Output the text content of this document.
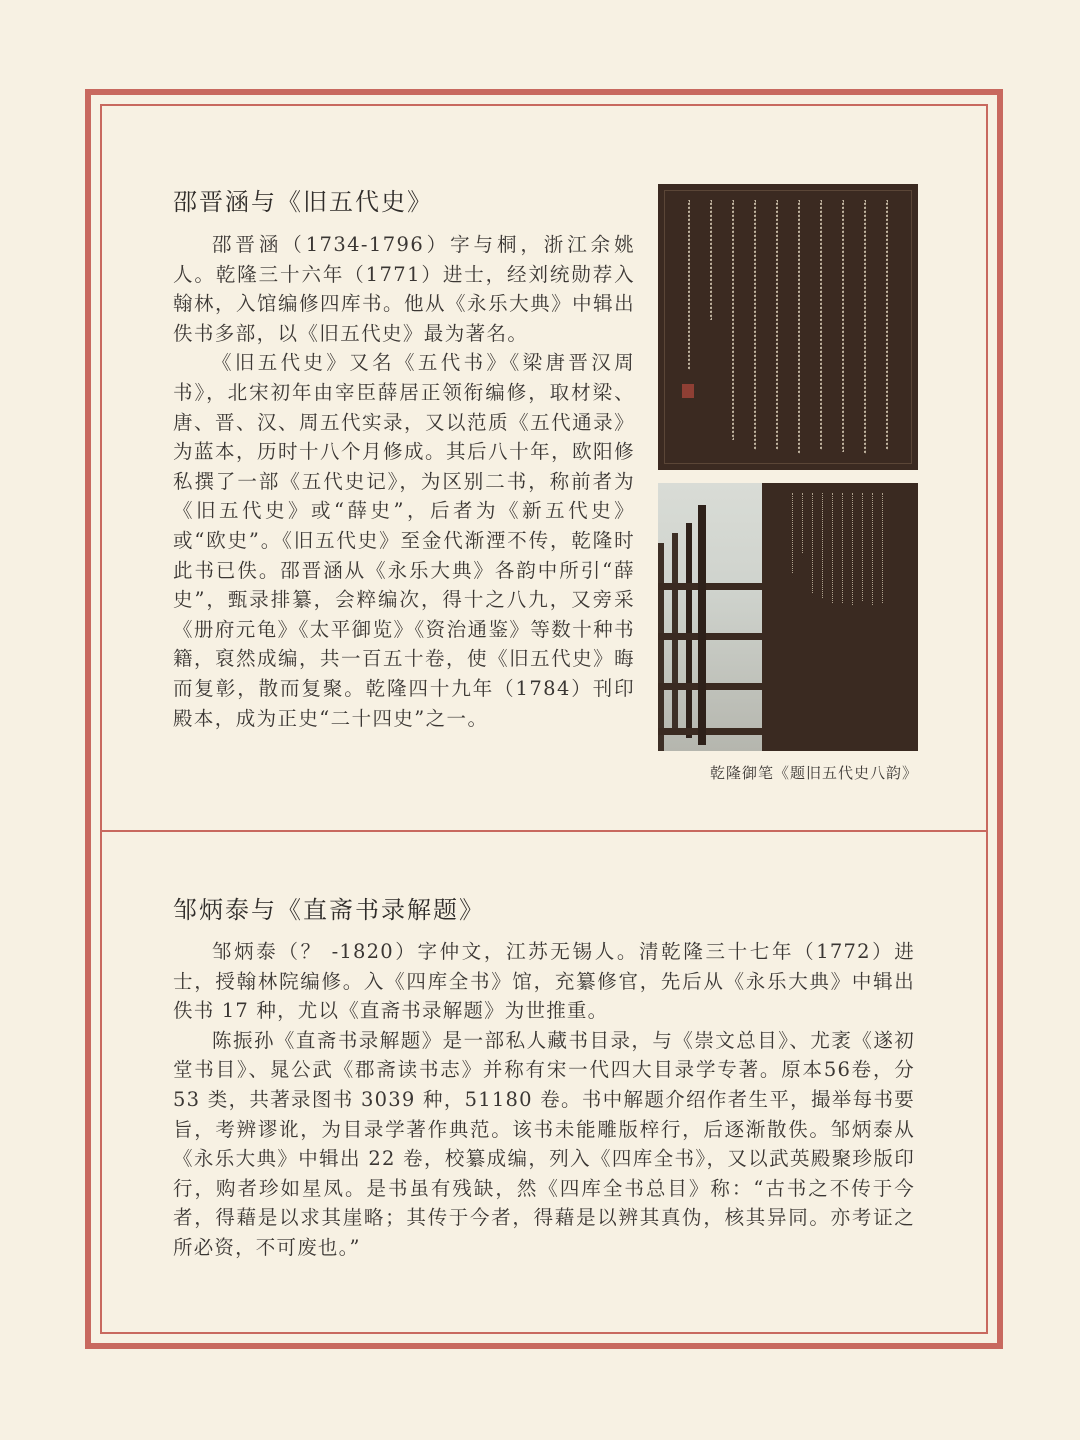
邵晋涵与《旧五代史》

邵晋涵（1734-1796）字与桐，浙江余姚人。乾隆三十六年（1771）进士，经刘统勋荐入翰林，入馆编修四库书。他从《永乐大典》中辑出佚书多部，以《旧五代史》最为著名。

《旧五代史》又名《五代书》《梁唐晋汉周书》，北宋初年由宰臣薛居正领衔编修，取材梁、唐、晋、汉、周五代实录，又以范质《五代通录》为蓝本，历时十八个月修成。其后八十年，欧阳修私撰了一部《五代史记》，为区别二书，称前者为《旧五代史》或“薛史”，后者为《新五代史》或“欧史”。《旧五代史》至金代渐湮不传，乾隆时此书已佚。邵晋涵从《永乐大典》各韵中所引“薛史”，甄录排纂，会粹编次，得十之八九，又旁采《册府元龟》《太平御览》《资治通鉴》等数十种书籍，裒然成编，共一百五十卷，使《旧五代史》晦而复彰，散而复聚。乾隆四十九年（1784）刊印殿本，成为正史“二十四史”之一。

乾隆御笔《题旧五代史八韵》
邹炳泰与《直斋书录解题》

邹炳泰（？ -1820）字仲文，江苏无锡人。清乾隆三十七年（1772）进士，授翰林院编修。入《四库全书》馆，充纂修官，先后从《永乐大典》中辑出佚书 17 种，尤以《直斋书录解题》为世推重。

陈振孙《直斋书录解题》是一部私人藏书目录，与《崇文总目》、尤袤《遂初堂书目》、晁公武《郡斋读书志》并称有宋一代四大目录学专著。原本56卷，分 53 类，共著录图书 3039 种，51180 卷。书中解题介绍作者生平，撮举每书要旨，考辨谬讹，为目录学著作典范。该书未能雕版梓行，后逐渐散佚。邹炳泰从《永乐大典》中辑出 22 卷，校纂成编，列入《四库全书》，又以武英殿聚珍版印行，购者珍如星凤。是书虽有残缺，然《四库全书总目》称：“古书之不传于今者，得藉是以求其崖略；其传于今者，得藉是以辨其真伪，核其异同。亦考证之所必资，不可废也。”
